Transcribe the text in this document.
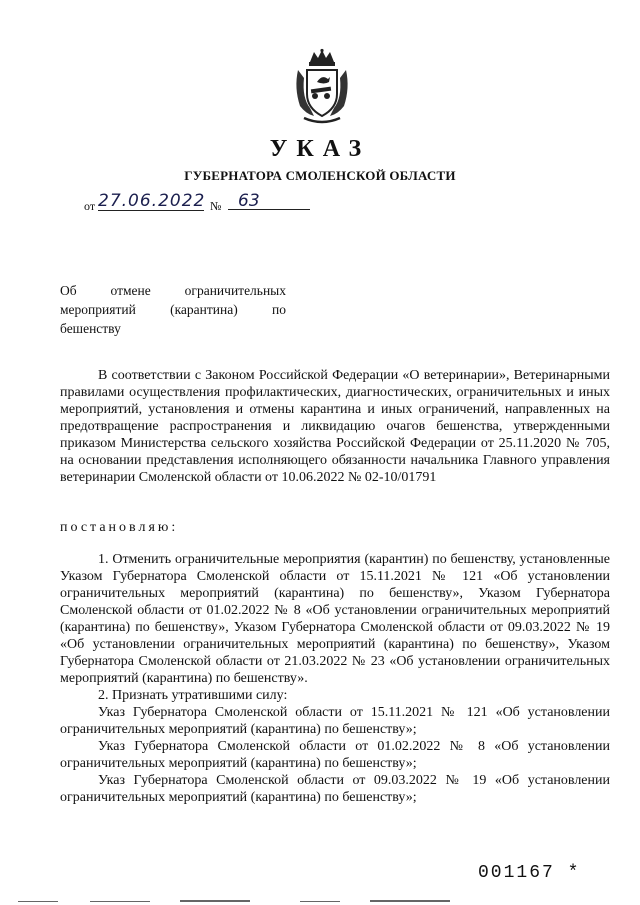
УКАЗ
ГУБЕРНАТОРА СМОЛЕНСКОЙ ОБЛАСТИ
от 27.06.2022 № 63
Об	отмене	ограничительных
мероприятий	(карантина)	по
бешенству

В соответствии с Законом Российской Федерации «О ветеринарии», Ветеринарными правилами осуществления профилактических, диагностических, ограничительных и иных мероприятий, установления и отмены карантина и иных ограничений, направленных на предотвращение распространения и ликвидацию очагов бешенства, утвержденными приказом Министерства сельского хозяйства Российской Федерации от 25.11.2020 № 705, на основании представления исполняющего обязанности начальника Главного управления ветеринарии Смоленской области от 10.06.2022 № 02-10/01791

постановляю:

1. Отменить ограничительные мероприятия (карантин) по бешенству, установленные Указом Губернатора Смоленской области от 15.11.2021 № 121 «Об установлении ограничительных мероприятий (карантина) по бешенству», Указом Губернатора Смоленской области от 01.02.2022 № 8 «Об установлении ограничительных мероприятий (карантина) по бешенству», Указом Губернатора Смоленской области от 09.03.2022 № 19 «Об установлении ограничительных мероприятий (карантина) по бешенству», Указом Губернатора Смоленской области от 21.03.2022 № 23 «Об установлении ограничительных мероприятий (карантина) по бешенству».

2. Признать утратившими силу:

Указ Губернатора Смоленской области от 15.11.2021 № 121 «Об установлении ограничительных мероприятий (карантина) по бешенству»;

Указ Губернатора Смоленской области от 01.02.2022 № 8 «Об установлении ограничительных мероприятий (карантина) по бешенству»;

Указ Губернатора Смоленской области от 09.03.2022 № 19 «Об установлении ограничительных мероприятий (карантина) по бешенству»;

001167 *
